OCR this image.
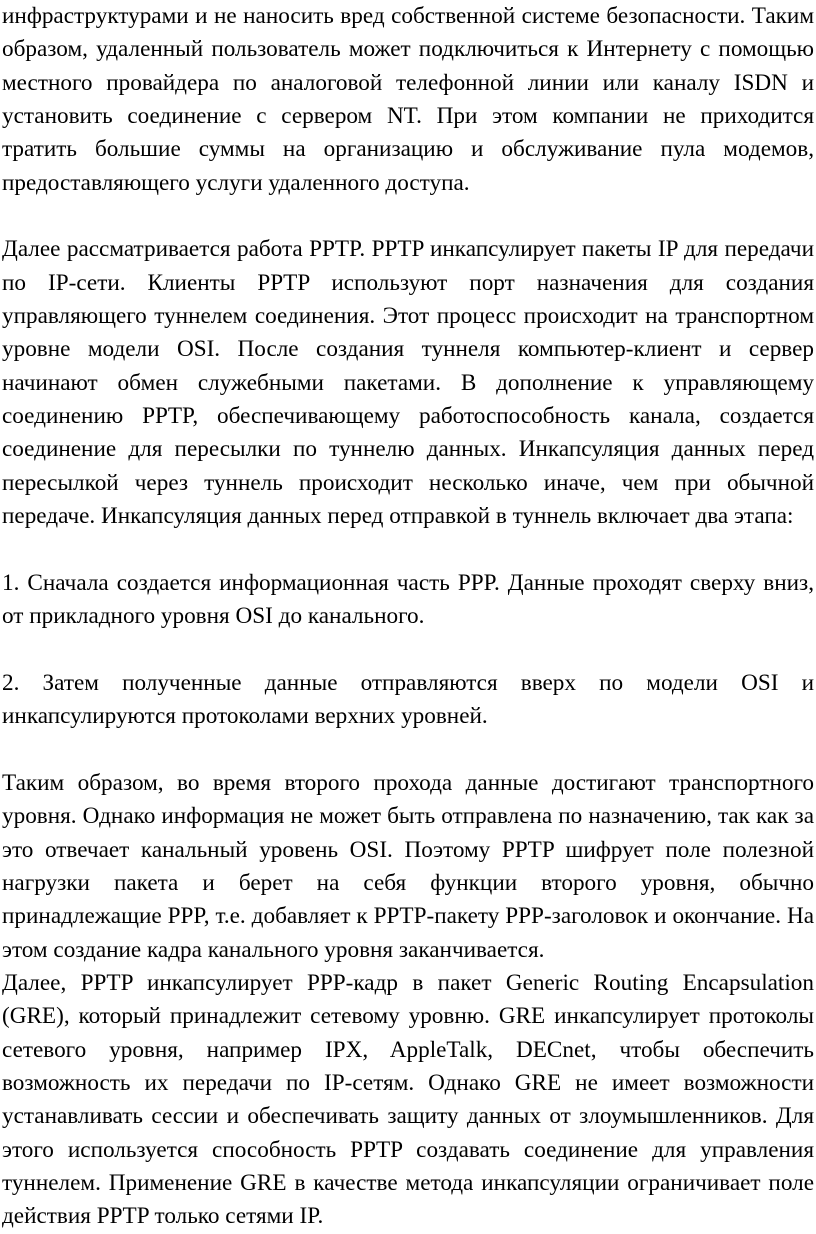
инфраструктурами и не наносить вред собственной системе безопасности. Таким образом, удаленный пользователь может подключиться к Интернету с помощью местного провайдера по аналоговой телефонной линии или каналу ISDN и установить соединение с сервером NT. При этом компании не приходится тратить большие суммы на организацию и обслуживание пула модемов, предоставляющего услуги удаленного доступа.

Далее рассматривается работа PPTP. PPTP инкапсулирует пакеты IP для передачи по IP-сети. Клиенты PPTP используют порт назначения для создания управляющего туннелем соединения. Этот процесс происходит на транспортном уровне модели OSI. После создания туннеля компьютер-клиент и сервер начинают обмен служебными пакетами. В дополнение к управляющему соединению PPTP, обеспечивающему работоспособность канала, создается соединение для пересылки по туннелю данных. Инкапсуляция данных перед пересылкой через туннель происходит несколько иначе, чем при обычной передаче. Инкапсуляция данных перед отправкой в туннель включает два этапа:

1. Сначала создается информационная часть PPP. Данные проходят сверху вниз, от прикладного уровня OSI до канального.

2. Затем полученные данные отправляются вверх по модели OSI и инкапсулируются протоколами верхних уровней.

Таким образом, во время второго прохода данные достигают транспортного уровня. Однако информация не может быть отправлена по назначению, так как за это отвечает канальный уровень OSI. Поэтому PPTP шифрует поле полезной нагрузки пакета и берет на себя функции второго уровня, обычно принадлежащие PPP, т.е. добавляет к PPTP-пакету PPP-заголовок и окончание. На этом создание кадра канального уровня заканчивается.

Далее, PPTP инкапсулирует PPP-кадр в пакет Generic Routing Encapsulation (GRE), который принадлежит сетевому уровню. GRE инкапсулирует протоколы сетевого уровня, например IPX, AppleTalk, DECnet, чтобы обеспечить возможность их передачи по IP-сетям. Однако GRE не имеет возможности устанавливать сессии и обеспечивать защиту данных от злоумышленников. Для этого используется способность PPTP создавать соединение для управления туннелем. Применение GRE в качестве метода инкапсуляции ограничивает поле действия PPTP только сетями IP.
